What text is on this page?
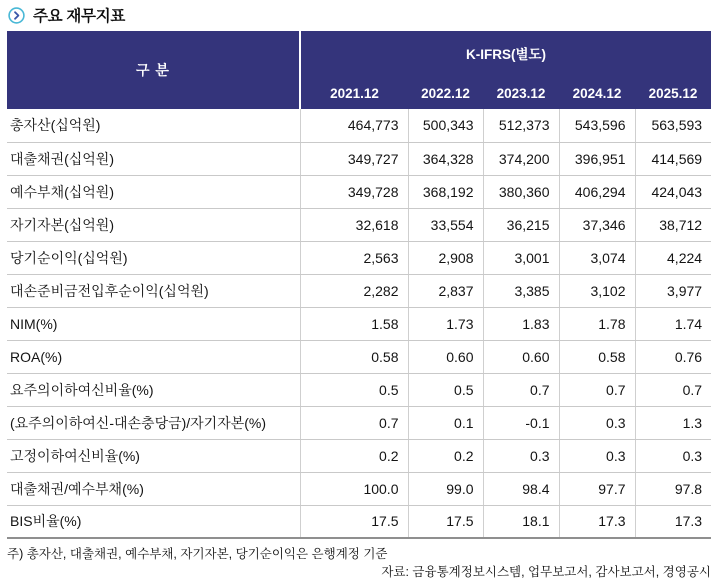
주요 재무지표
구 분	K-IFRS(별도)				
	2021.12	2022.12	2023.12	2024.12	2025.12
총자산(십억원)	464,773	500,343	512,373	543,596	563,593
대출채권(십억원)	349,727	364,328	374,200	396,951	414,569
예수부채(십억원)	349,728	368,192	380,360	406,294	424,043
자기자본(십억원)	32,618	33,554	36,215	37,346	38,712
당기순이익(십억원)	2,563	2,908	3,001	3,074	4,224
대손준비금전입후순이익(십억원)	2,282	2,837	3,385	3,102	3,977
NIM(%)	1.58	1.73	1.83	1.78	1.74
ROA(%)	0.58	0.60	0.60	0.58	0.76
요주의이하여신비율(%)	0.5	0.5	0.7	0.7	0.7
(요주의이하여신-대손충당금)/자기자본(%)	0.7	0.1	-0.1	0.3	1.3
고정이하여신비율(%)	0.2	0.2	0.3	0.3	0.3
대출채권/예수부채(%)	100.0	99.0	98.4	97.7	97.8
BIS비율(%)	17.5	17.5	18.1	17.3	17.3
주) 총자산, 대출채권, 예수부채, 자기자본, 당기순이익은 은행계정 기준
자료: 금융통계정보시스템, 업무보고서, 감사보고서, 경영공시
